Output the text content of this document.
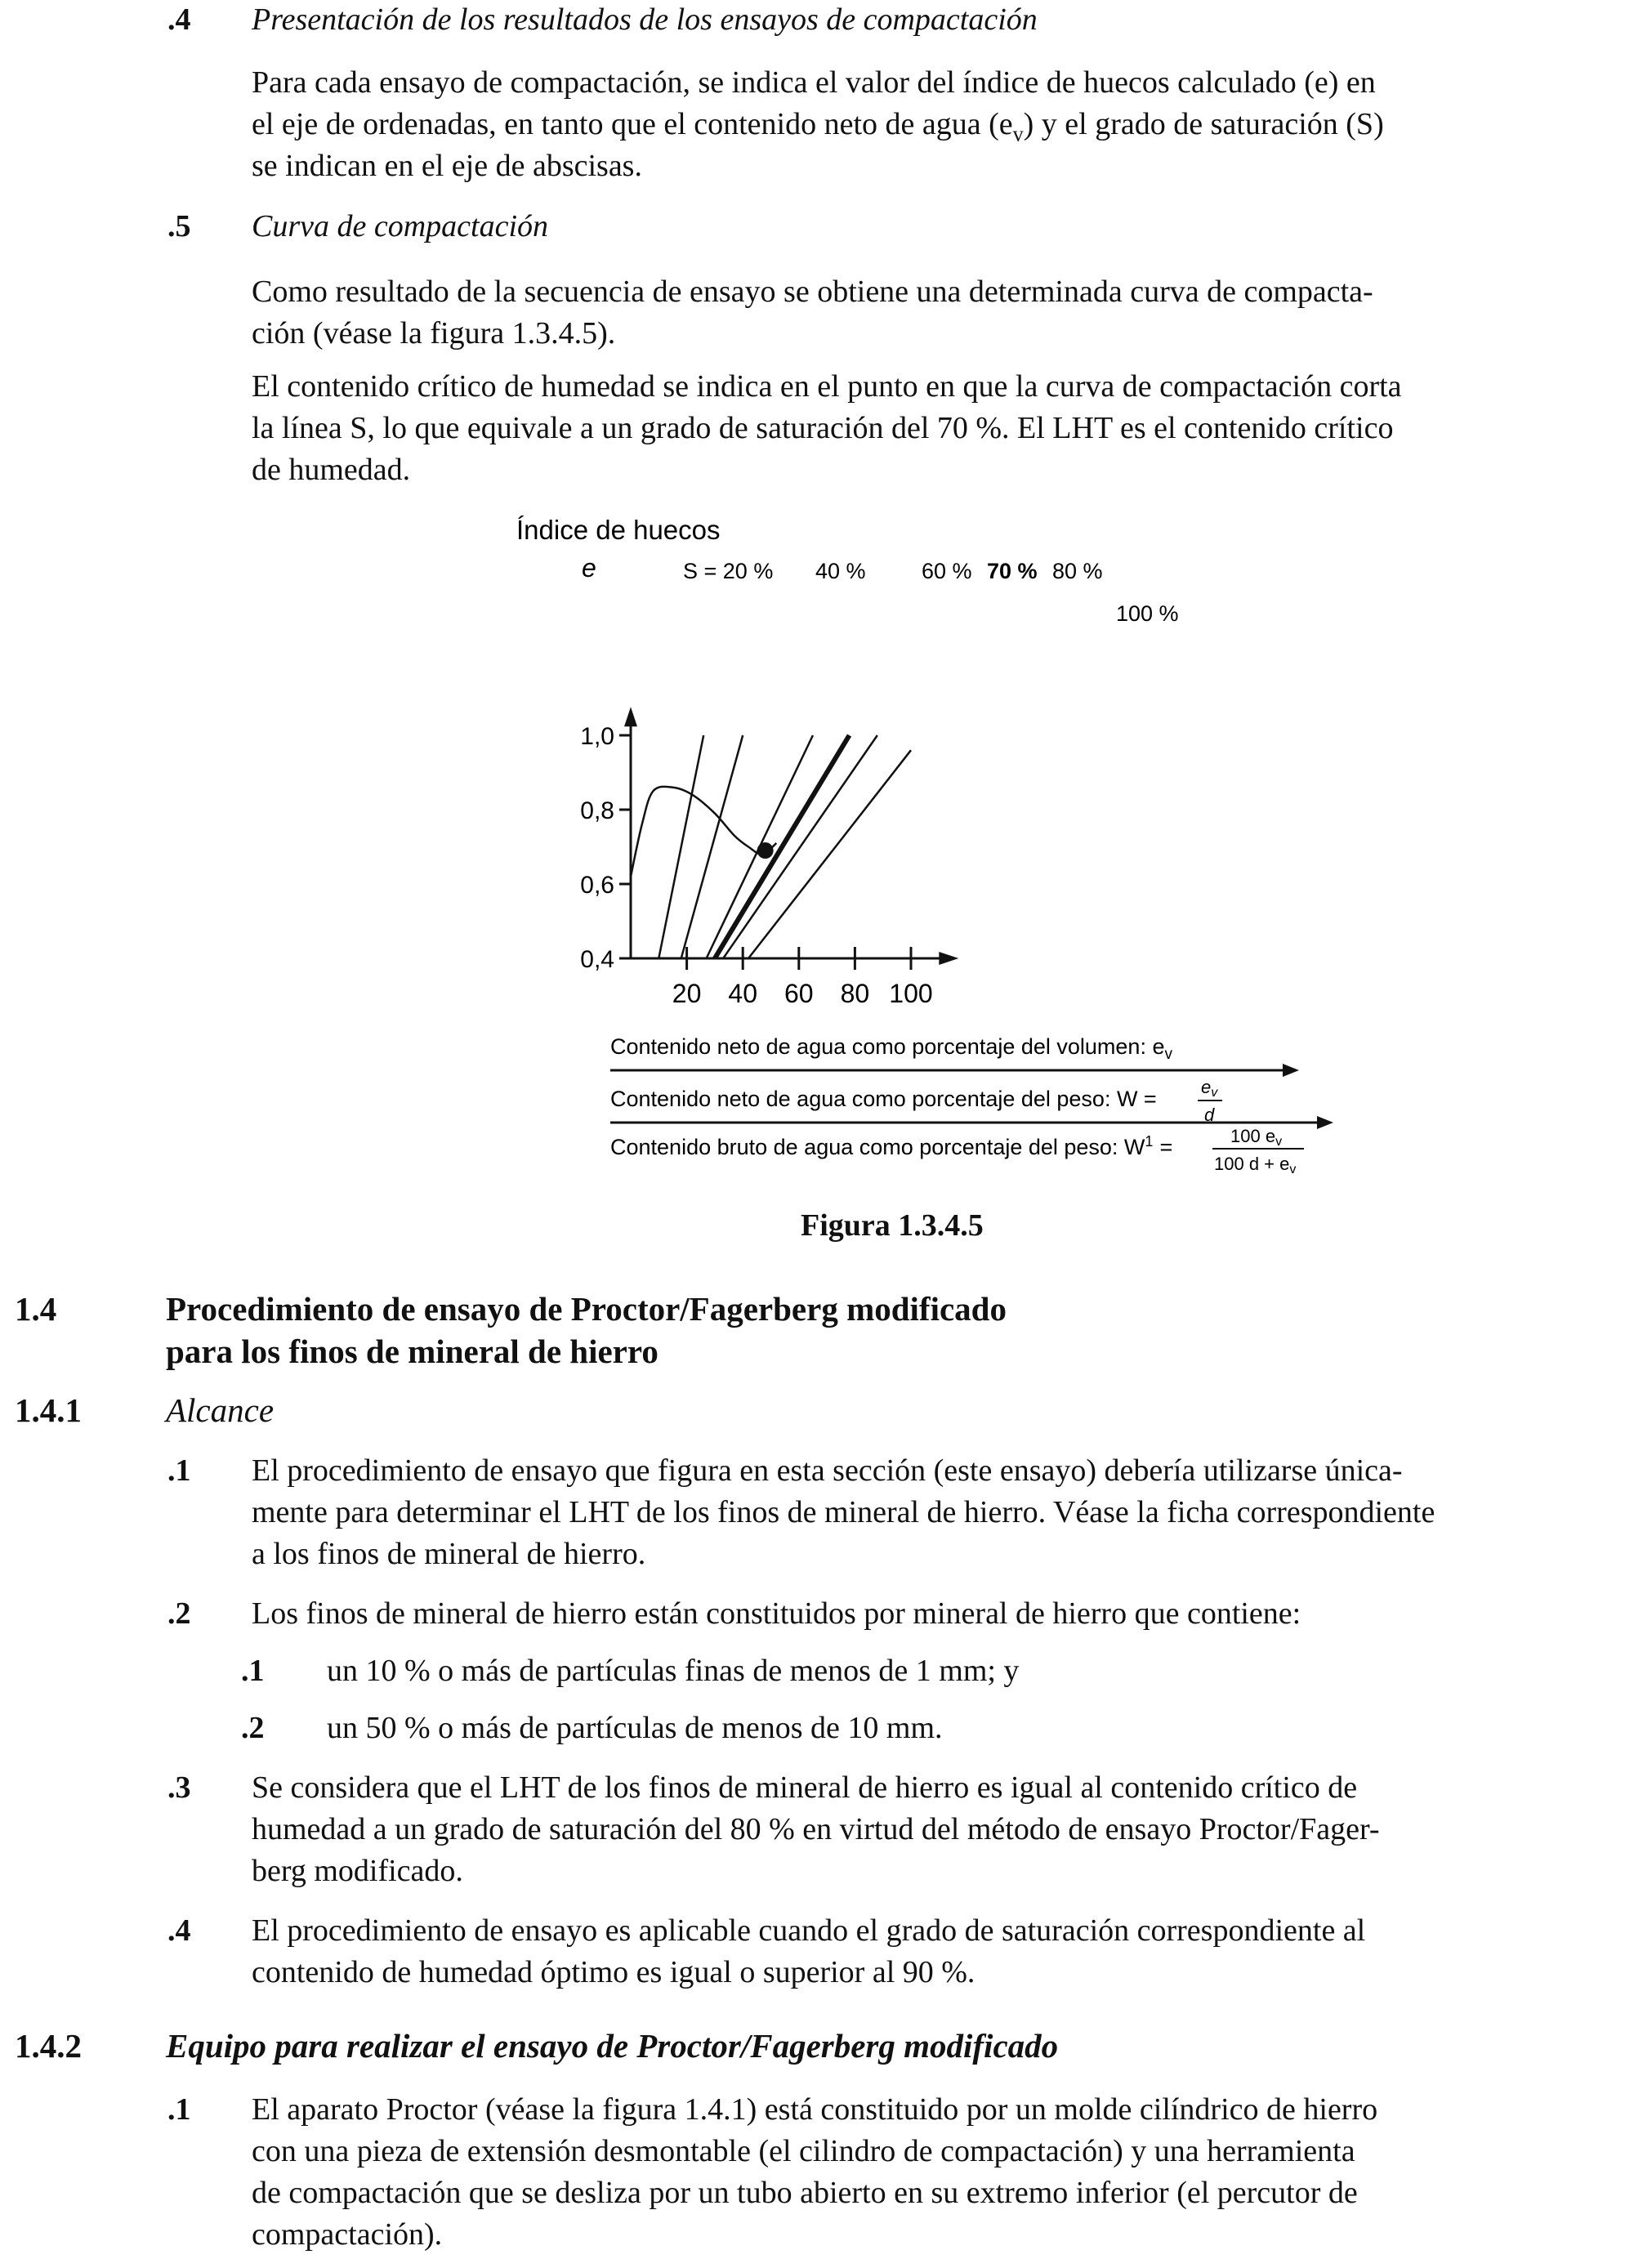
.4 Presentación de los resultados de los ensayos de compactación
Para cada ensayo de compactación, se indica el valor del índice de huecos calculado (e) en
el eje de ordenadas, en tanto que el contenido neto de agua $(e_v)$ y el grado de saturación (S)
se indican en el eje de abscisas.
.5 Curva de compactación
Como resultado de la secuencia de ensayo se obtiene una determinada curva de compacta-
ción (véase la figura 1.3.4.5).
El contenido crítico de humedad se indica en el punto en que la curva de compactación corta
la línea S, lo que equivale a un grado de saturación del 70 %. El LHT es el contenido crítico
de humedad.
1,0
0,8
0,6
0,4
20 40 60 80 100
Índice de huecos
e	S = 20 % 40 %	60 % 70 % 80 %
100 %
Contenido neto de agua como porcentaje del volumen: $e_v$
Contenido neto de agua como porcentaje del peso: W = ev
d
Contenido bruto de agua como porcentaje del peso: $W^1$ =	100 ev
100 d + ev
Figura 1.3.4.5
1.4	Procedimiento de ensayo de Proctor/Fagerberg modificado
para los finos de mineral de hierro
1.4.1	Alcance
.1 El procedimiento de ensayo que figura en esta sección (este ensayo) debería utilizarse única-
mente para determinar el LHT de los finos de mineral de hierro. Véase la ficha correspondiente
a los finos de mineral de hierro.
.2 Los finos de mineral de hierro están constituidos por mineral de hierro que contiene:
.1 un 10 % o más de partículas finas de menos de 1 mm; y
.2 un 50 % o más de partículas de menos de 10 mm.
.3 Se considera que el LHT de los finos de mineral de hierro es igual al contenido crítico de
humedad a un grado de saturación del 80 % en virtud del método de ensayo Proctor/Fager-
berg modificado.
.4 El procedimiento de ensayo es aplicable cuando el grado de saturación correspondiente al
contenido de humedad óptimo es igual o superior al 90 %.
1.4.2	Equipo para realizar el ensayo de Proctor/Fagerberg modificado
.1 El aparato Proctor (véase la figura 1.4.1) está constituido por un molde cilíndrico de hierro
con una pieza de extensión desmontable (el cilindro de compactación) y una herramienta
de compactación que se desliza por un tubo abierto en su extremo inferior (el percutor de
compactación).
